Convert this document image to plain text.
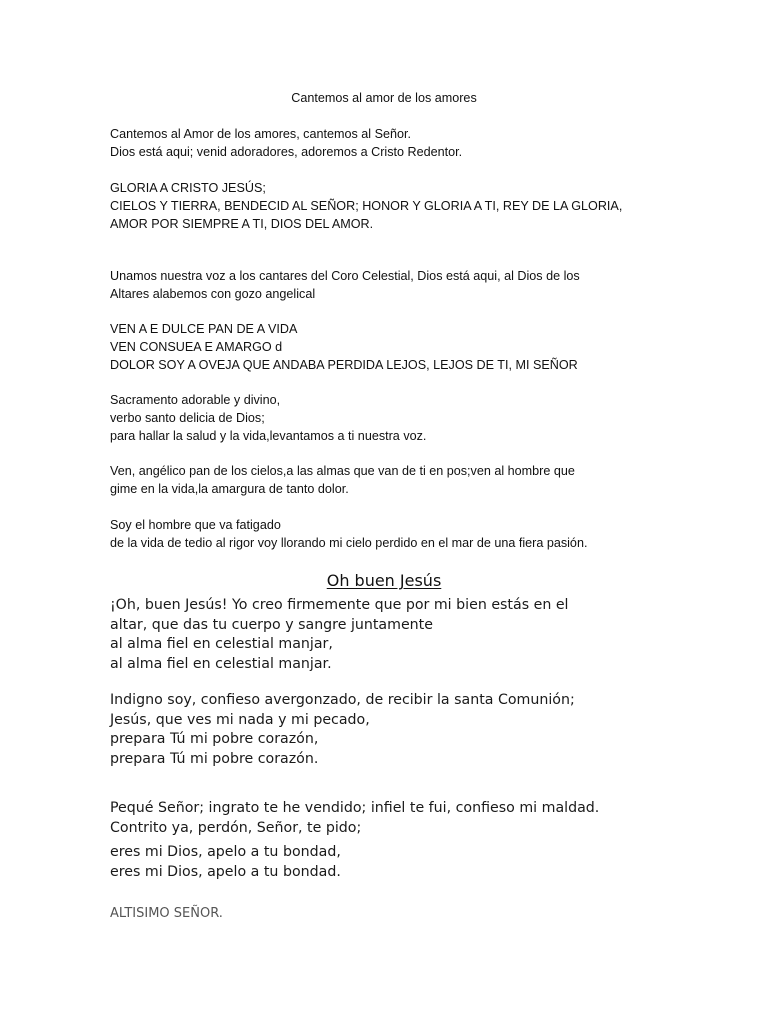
Cantemos al amor de los amores
Cantemos al Amor de los amores, cantemos al Señor.
Dios está aqui; venid adoradores, adoremos a Cristo Redentor.
GLORIA A CRISTO JESÚS;
CIELOS Y TIERRA, BENDECID AL SEÑOR; HONOR Y GLORIA A TI, REY DE LA GLORIA,
AMOR POR SIEMPRE A TI, DIOS DEL AMOR.
Unamos nuestra voz a los cantares del Coro Celestial, Dios está aqui, al Dios de los
Altares alabemos con gozo angelical
VEN A E DULCE PAN DE A VIDA
VEN CONSUEA E AMARGO d
DOLOR SOY A OVEJA QUE ANDABA PERDIDA LEJOS, LEJOS DE TI, MI SEÑOR
Sacramento adorable y divino,
verbo santo delicia de Dios;
para hallar la salud y la vida,levantamos a ti nuestra voz.
Ven, angélico pan de los cielos,a las almas que van de ti en pos;ven al hombre que
gime en la vida,la amargura de tanto dolor.
Soy el hombre que va fatigado
de la vida de tedio al rigor voy llorando mi cielo perdido en el mar de una fiera pasión.
Oh buen Jesús
¡Oh, buen Jesús! Yo creo firmemente que por mi bien estás en el
altar, que das tu cuerpo y sangre juntamente
al alma fiel en celestial manjar,
al alma fiel en celestial manjar.
Indigno soy, confieso avergonzado, de recibir la santa Comunión;
Jesús, que ves mi nada y mi pecado,
prepara Tú mi pobre corazón,
prepara Tú mi pobre corazón.
Pequé Señor; ingrato te he vendido; infiel te fui, confieso mi maldad.
Contrito ya, perdón, Señor, te pido;
eres mi Dios, apelo a tu bondad,
eres mi Dios, apelo a tu bondad.
ALTISIMO SEÑOR.
